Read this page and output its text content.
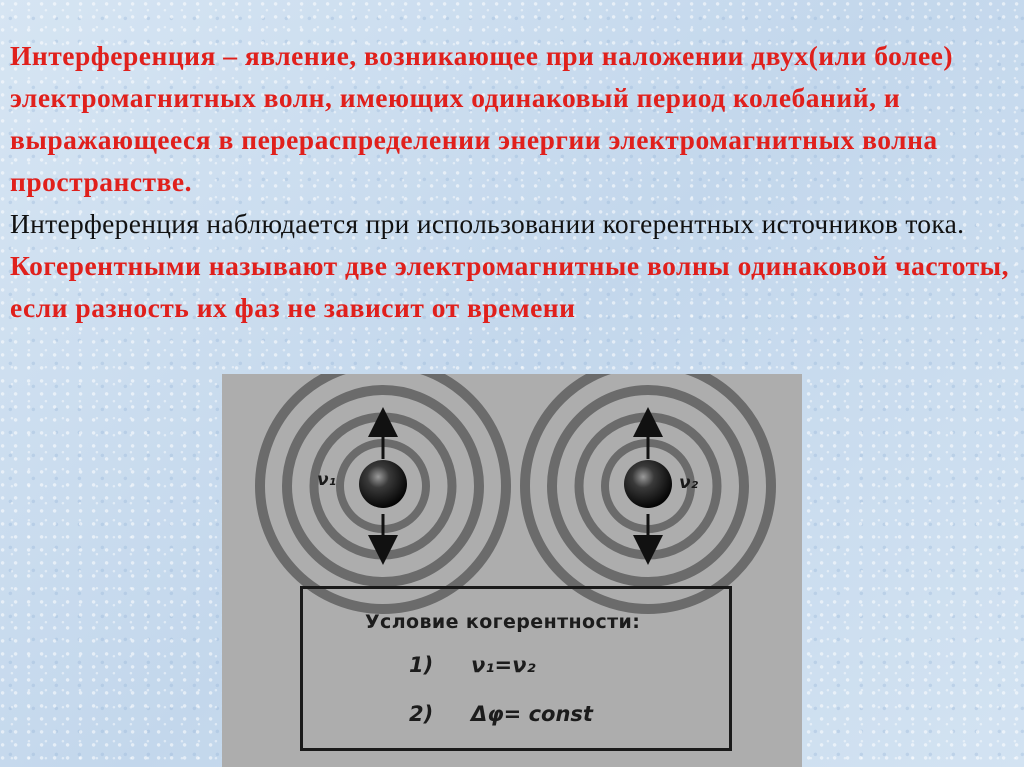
Интерференция – явление, возникающее при наложении двух(или более) электромагнитных волн, имеющих одинаковый период колебаний, и выражающееся в перераспределении энергии электромагнитных волна пространстве.
Интерференция наблюдается при использовании когерентных источников тока.
Когерентными называют две электромагнитные волны одинаковой частоты, если разность их фаз не зависит от времени
ν₁	ν₂
Условие когерентности:
1) ν₁=ν₂
2) Δφ= const
